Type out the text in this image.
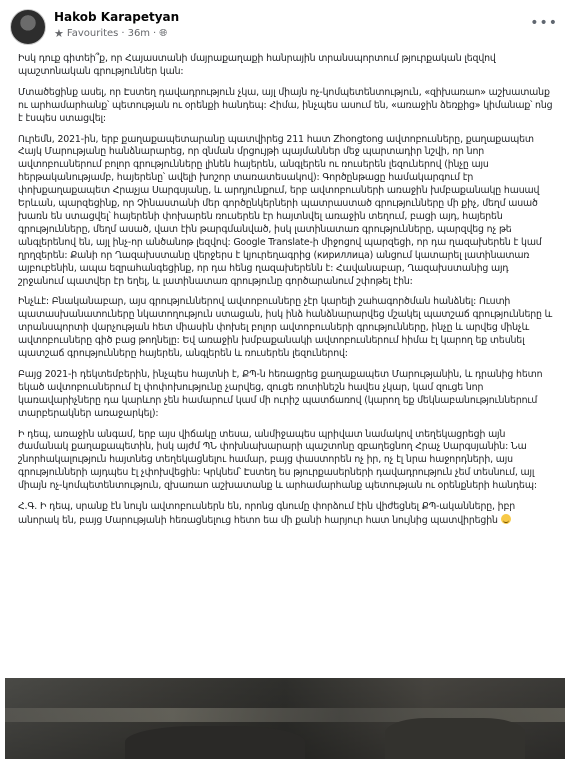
Hakob Karapetyan
★ Favourites · 36m · 🌐︎
•••

Իսկ դուք գիտեի՞ք, որ Հայաստանի մայրաքաղաքի հանրային տրանսպորտում թյուրքական լեզվով պաշտոնական գրություններ կան:

Մտածեցինք ասել, որ Էստեղ դավադրություն չկա, այլ միայն ոչ-կոմպետենտություն, «զիխառաո» աշխատանք ու արհամարհանք՝ պետության ու օրենքի հանդեպ: Հիմա, ինչպես ասում են, «առաջին ձեռքից» կիմանաք՝ ոնց է էսպես ստացվել:

Ուրեմն, 2021-ին, երբ քաղաքապետարանը պատվիրեց 211 հատ Zhongtong ավտոբուսները, քաղաքապետ Հայկ Մարությանը հանձնարարեց, որ զնման մրցույթի պայմաններ մեջ պարտադիր նշվի, որ նոր ավտոբուսներում բոլոր գրությունները լինեն հայերեն, անգլերեն ու ռուսերեն լեզուներով (ինչը այս հերթականությամբ, հայերենը՝ ավելի խոշոր տառատեսակով): Գործընթացը համակարգում էր փոխքաղաքապետ Հրաչյա Սարգսյանը, և արդյունքում, երբ ավտոբուսների առաջին խմբաքանակը հասավ Երևան, պարզեցինք, որ Չինաստանի մեր գործընկերների պատրաստած գրությունները մի քիչ, մեղմ ասած խառն են ստացվել՝ հայերենի փոխարեն ռուսերեն էր հայտնվել առաջին տեղում, բացի այդ, հայերեն գրությունները, մեղմ ասած, վատ էին թարգմանված, իսկ լատինատառ գրությունները, պարզվեց ոչ թե անգլերենով են, այլ ինչ-որ անծանոթ լեզվով: Google Translate-ի միջոցով պարզեցի, որ դա ղազախերեն է կամ ղրղզերեն: Քանի որ Ղազախստանը վերջերս է կյուրեղագրից (кириллица) անցում կատարել լատինատառ այբուբենին, ապա եզրահանգեցինք, որ դա հենց ղազախերենն է: Հավանաբար, Ղազախստանից այդ շրջանում պատվեր էր եղել, և լատինատառ գրությունը գործարանում շփոթել էին:

Ինչևէ: Բնականաբար, այս գրություններով ավտոբուսները չէր կարելի շահագործման հանձնել: Ուստի պատասխանատուները նկատողություն ստացան, իսկ ինձ հանձնարարվեց մշակել պատշաճ գրությունները և տրանսպորտի վարչության հետ միասին փոխել բոլոր ավտոբուսների գրությունները, ինչը և արվեց մինչև ավտոբուսները գիծ բաց թողնելը: Եվ առաջին խմբաքանակի ավտոբուսներում հիմա էլ կարող եք տեսնել պատշաճ գրությունները հայերեն, անգլերեն և ռուսերեն լեզուներով:

Բայց 2021-ի դեկտեմբերին, ինչպես հայտնի է, ՔՊ-ն հեռացրեց քաղաքապետ Մարությանին, և դրանից հետո եկած ավտոբուսներում էլ փոփոխությունը չարվեց, զուցե ռոտինեշն հավես չկար, կամ զուցե նոր կառավարիչները դա կարևոր չեն համարում կամ մի ուրիշ պատճառով (կարող եք մեկնաբանություններում տարբերակներ առաջարկել):

Ի դեպ, առաջին անգամ, երբ այս վիճակը տեսա, անմիջապես պրիվատ նամակով տեղեկացրեցի այն ժամանակ քաղաքապետին, իսկ այժմ ՊՆ փոխնախարարի պաշտոնը զբաղեցնող Հրաչ Սարգսյանին: Նա շնորհակալություն հայտնեց տեղեկացնելու համար, բայց փաստորեն ոչ իր, ոչ էլ նրա հաջորդների, այս գրությունների այդպես էլ չփոխվեցին: Կրկնեմ՝ Էստեղ ես թյուրքասերների դավադրություն չեմ տեսնում, այլ միայն ոչ-կոմպետենտություն, զխառաո աշխատանք և արհամարհանք պետության ու օրենքների հանդեպ:

Հ.Գ. Ի դեպ, սրանք էն նույն ավտոբուսներն են, որոնց գնումը փորձում էին վիժեցնել ՔՊ-ականները, իբր անորակ են, բայց Մարությանի հեռացնելուց հետո եա մի քանի հարյուր հատ նույնից պատվիրեցին
